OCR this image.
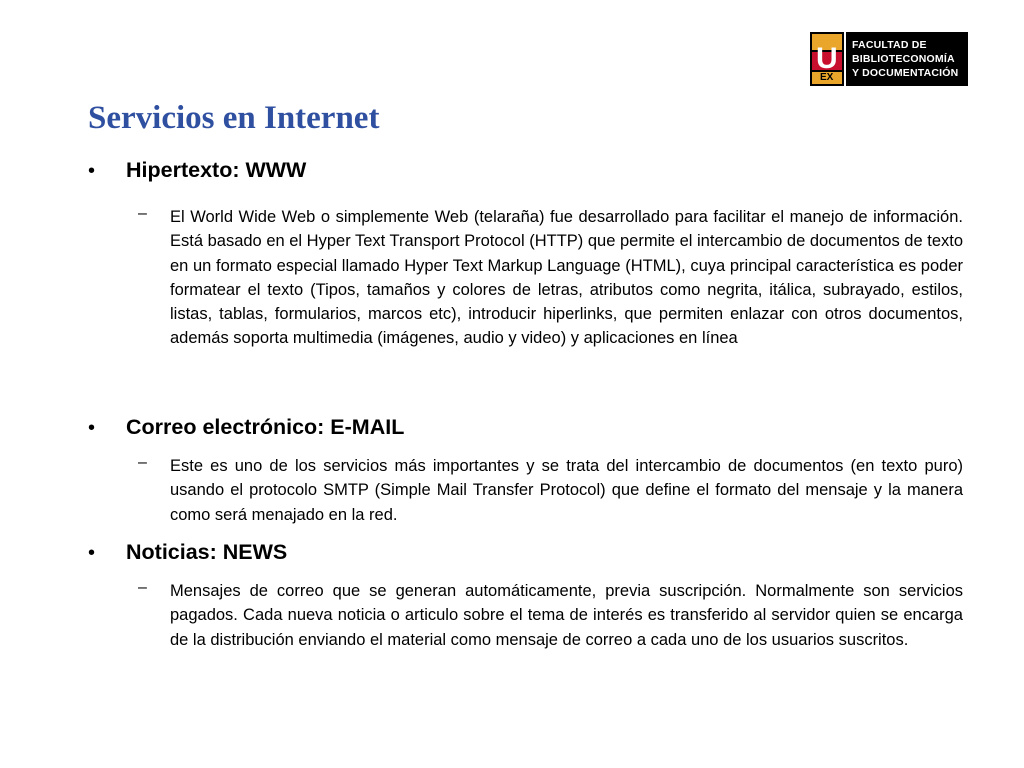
U
EX
FACULTAD DE
BIBLIOTECONOMÍA
Y DOCUMENTACIÓN
Servicios en Internet
•	Hipertexto: WWW
–	El World Wide Web o simplemente Web (telaraña) fue desarrollado para facilitar el manejo de información. Está basado en el Hyper Text Transport Protocol (HTTP) que permite el intercambio de documentos de texto en un formato especial llamado Hyper Text Markup Language (HTML), cuya principal característica es poder formatear el texto (Tipos, tamaños y colores de letras, atributos como negrita, itálica, subrayado, estilos, listas, tablas, formularios, marcos etc), introducir hiperlinks, que permiten enlazar con otros documentos, además soporta multimedia (imágenes, audio y video) y aplicaciones en línea
•	Correo electrónico: E-MAIL
–	Este es uno de los servicios más importantes y se trata del intercambio de documentos (en texto puro) usando el protocolo SMTP (Simple Mail Transfer Protocol) que define el formato del mensaje y la manera como será menajado en la red.
•	Noticias: NEWS
–	Mensajes de correo que se generan automáticamente, previa suscripción. Normalmente son servicios pagados. Cada nueva noticia o articulo sobre el tema de interés es transferido al servidor quien se encarga de la distribución enviando el material como mensaje de correo a cada uno de los usuarios suscritos.
